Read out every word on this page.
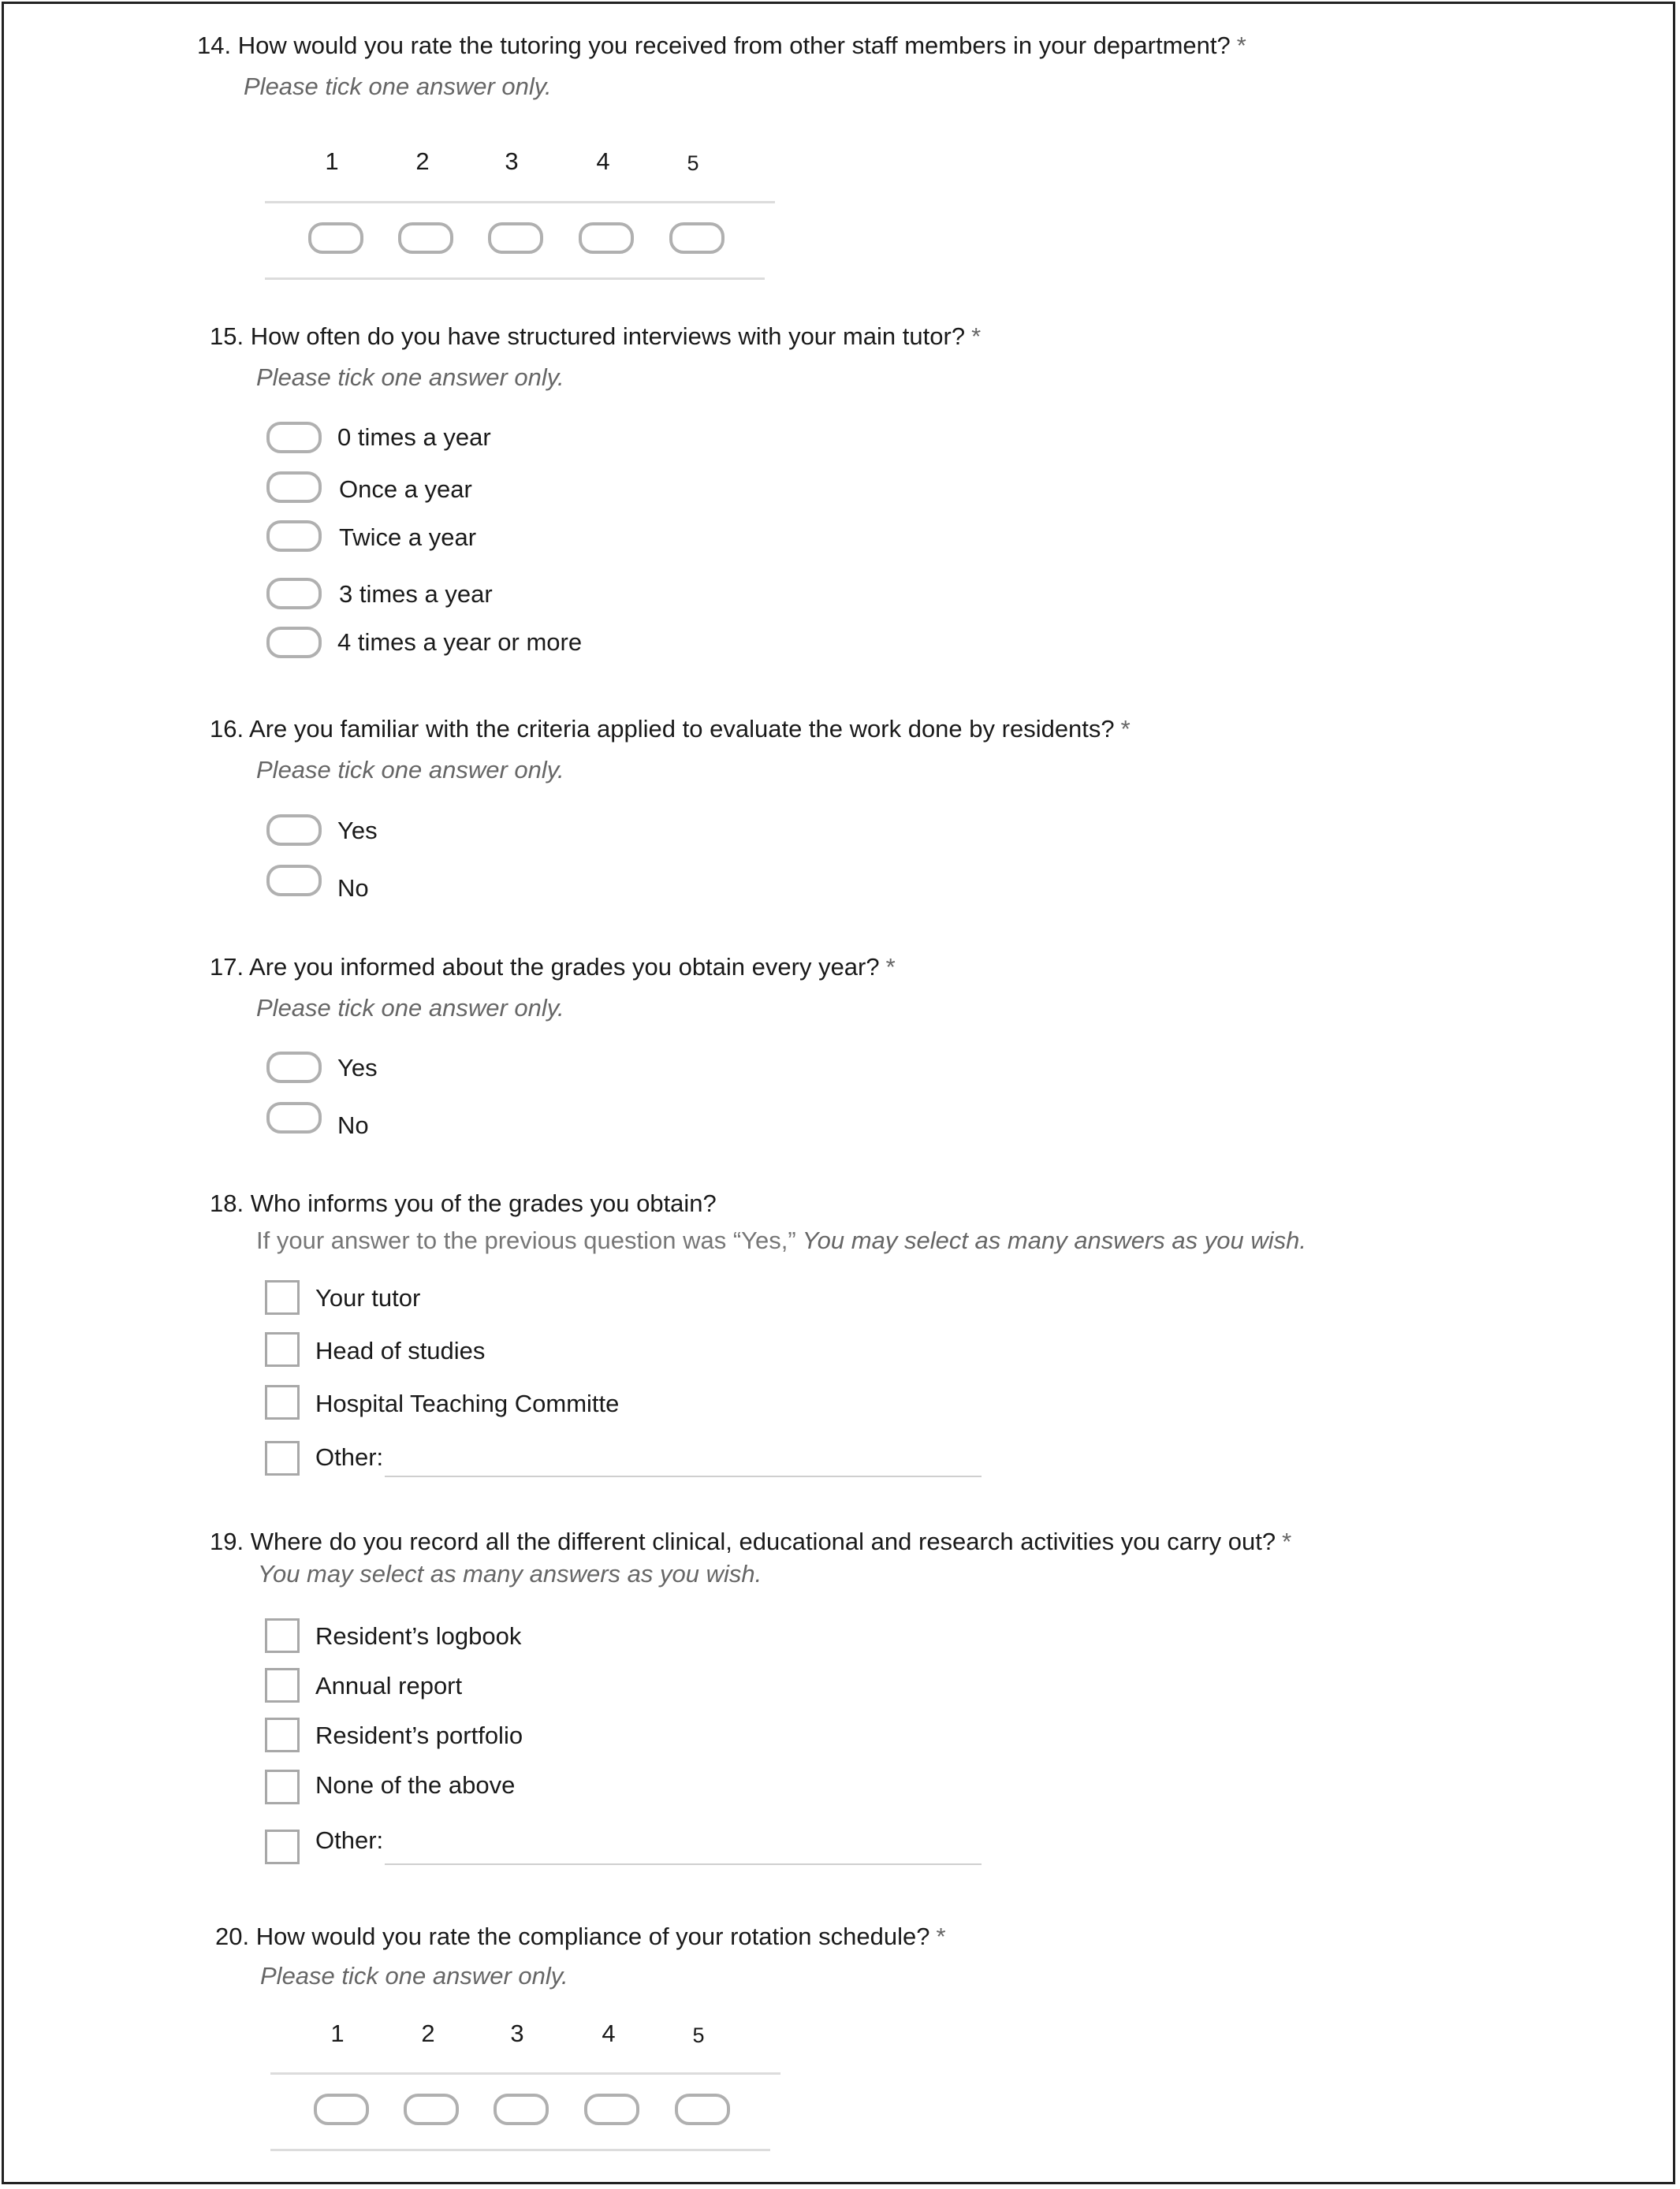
14. How would you rate the tutoring you received from other staff members in your department? *
Please tick one answer only.
1	2	3	4	5
15. How often do you have structured interviews with your main tutor? *
Please tick one answer only.
0 times a year
Once a year
Twice a year
3 times a year
4 times a year or more
16. Are you familiar with the criteria applied to evaluate the work done by residents? *
Please tick one answer only.
Yes
No
17. Are you informed about the grades you obtain every year? *
Please tick one answer only.
Yes
No
18. Who informs you of the grades you obtain?
If your answer to the previous question was “Yes,” You may select as many answers as you wish.
Your tutor
Head of studies
Hospital Teaching Committe
Other:
19. Where do you record all the different clinical, educational and research activities you carry out? *
You may select as many answers as you wish.
Resident’s logbook
Annual report
Resident’s portfolio
None of the above
Other:
20. How would you rate the compliance of your rotation schedule? *
Please tick one answer only.
1	2	3	4	5
